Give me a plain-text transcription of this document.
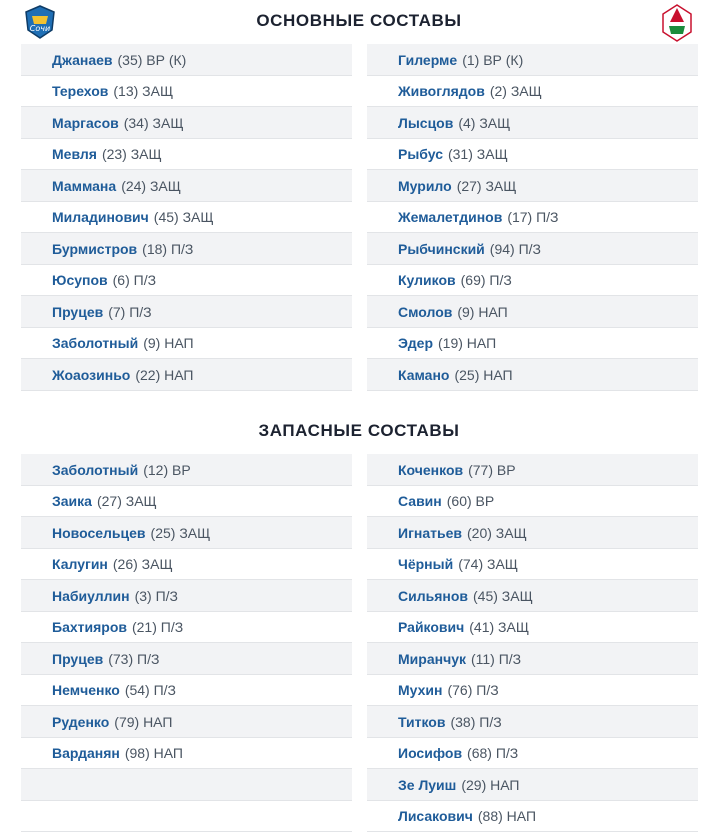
Сочи	ОСНОВНЫЕ СОСТАВЫ
Джанаев (35) ВР (К)
Терехов (13) ЗАЩ
Маргасов (34) ЗАЩ
Мевля (23) ЗАЩ
Маммана (24) ЗАЩ
Миладинович (45) ЗАЩ
Бурмистров (18) П/З
Юсупов (6) П/З
Пруцев (7) П/З
Заболотный (9) НАП
Жоаозиньо (22) НАП
Гилерме (1) ВР (К)
Живоглядов (2) ЗАЩ
Лысцов (4) ЗАЩ
Рыбус (31) ЗАЩ
Мурило (27) ЗАЩ
Жемалетдинов (17) П/З
Рыбчинский (94) П/З
Куликов (69) П/З
Смолов (9) НАП
Эдер (19) НАП
Камано (25) НАП
ЗАПАСНЫЕ СОСТАВЫ
Заболотный (12) ВР
Заика (27) ЗАЩ
Новосельцев (25) ЗАЩ
Калугин (26) ЗАЩ
Набиуллин (3) П/З
Бахтияров (21) П/З
Пруцев (73) П/З
Немченко (54) П/З
Руденко (79) НАП
Варданян (98) НАП
Коченков (77) ВР
Савин (60) ВР
Игнатьев (20) ЗАЩ
Чёрный (74) ЗАЩ
Сильянов (45) ЗАЩ
Райкович (41) ЗАЩ
Миранчук (11) П/З
Мухин (76) П/З
Титков (38) П/З
Иосифов (68) П/З
Зе Луиш (29) НАП
Лисакович (88) НАП
